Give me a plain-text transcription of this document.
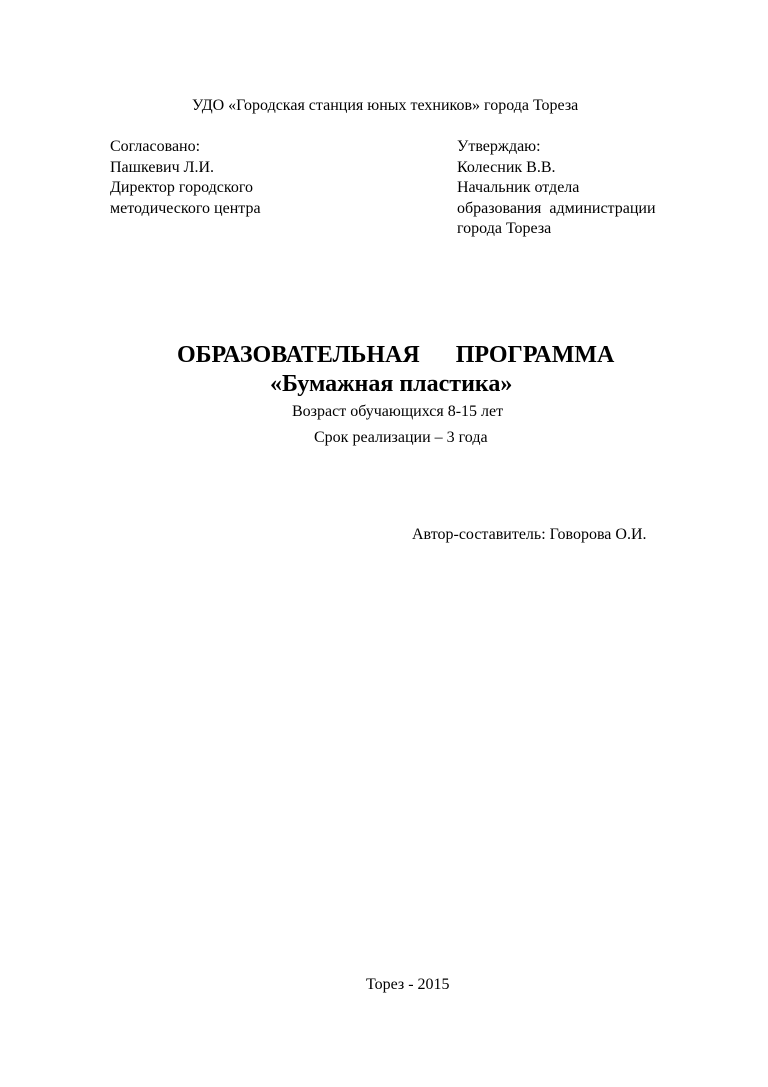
УДО «Городская станция юных техников» города Тореза
Согласовано:
Пашкевич Л.И.
Директор городского
методического центра
Утверждаю:
Колесник В.В.
Начальник отдела
образования  администрации
города Тореза
ОБРАЗОВАТЕЛЬНАЯ   ПРОГРАММА
«Бумажная пластика»
Возраст обучающихся 8-15 лет
Срок реализации – 3 года
Автор-составитель: Говорова О.И.
Торез - 2015
